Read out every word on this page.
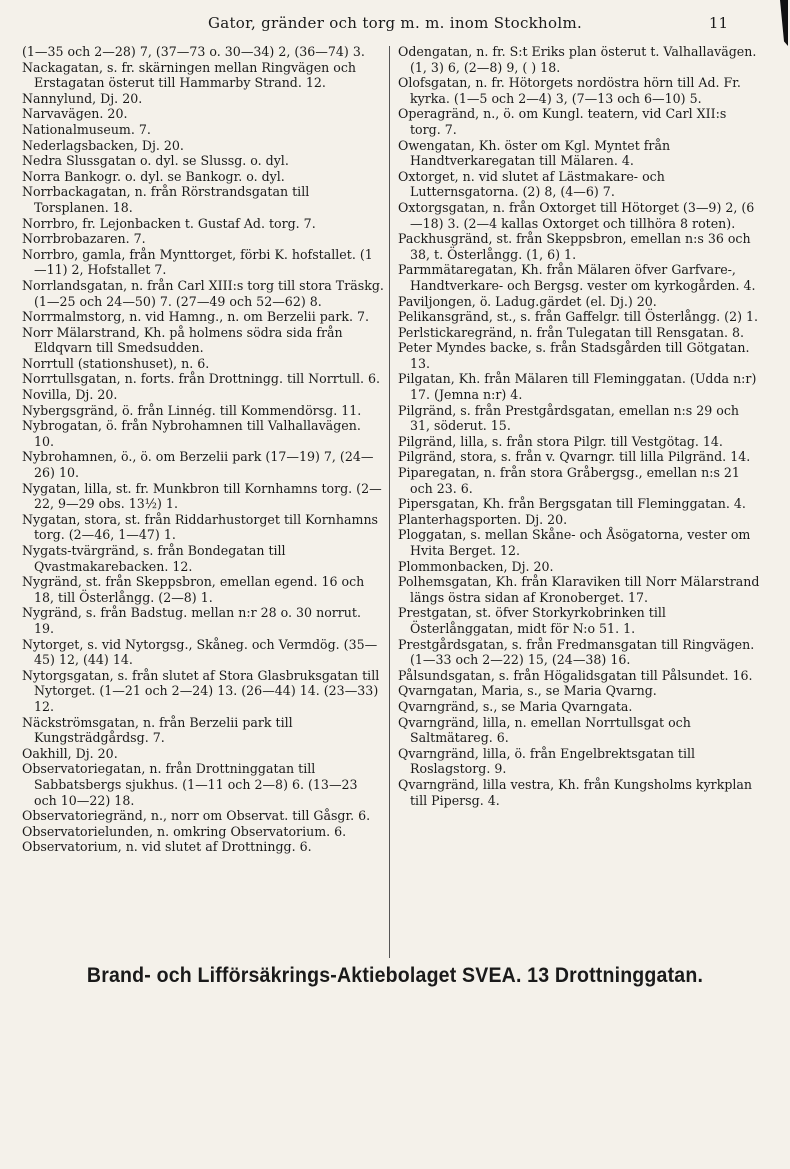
Gator, gränder och torg m. m. inom Stockholm.	11

(1—35 och 2—28) 7, (37—73 o. 30—34) 2, (36—74) 3.

Nackagatan, s. fr. skärningen mellan Ringvägen och Erstagatan österut till Hammarby Strand. 12.

Nannylund, Dj. 20.

Narvavägen. 20.

Nationalmuseum. 7.

Nederlagsbacken, Dj. 20.

Nedra Slussgatan o. dyl. se Slussg. o. dyl.

Norra Bankogr. o. dyl. se Bankogr. o. dyl.

Norrbackagatan, n. från Rörstrandsgatan till Torsplanen. 18.

Norrbro, fr. Lejonbacken t. Gustaf Ad. torg. 7.

Norrbrobazaren. 7.

Norrbro, gamla, från Mynttorget, förbi K. hofstallet. (1—11) 2, Hofstallet 7.

Norrlandsgatan, n. från Carl XIII:s torg till stora Träskg. (1—25 och 24—50) 7. (27—49 och 52—62) 8.

Norrmalmstorg, n. vid Hamng., n. om Berzelii park. 7.

Norr Mälarstrand, Kh. på holmens södra sida från Eldqvarn till Smedsudden.

Norrtull (stationshuset), n. 6.

Norrtullsgatan, n. forts. från Drottningg. till Norrtull. 6.

Novilla, Dj. 20.

Nybergsgränd, ö. från Linnég. till Kommendörsg. 11.

Nybrogatan, ö. från Nybrohamnen till Valhallavägen. 10.

Nybrohamnen, ö., ö. om Berzelii park (17—19) 7, (24—26) 10.

Nygatan, lilla, st. fr. Munkbron till Kornhamns torg. (2—22, 9—29 obs. 13½) 1.

Nygatan, stora, st. från Riddarhustorget till Kornhamns torg. (2—46, 1—47) 1.

Nygats-tvärgränd, s. från Bondegatan till Qvastmakarebacken. 12.

Nygränd, st. från Skeppsbron, emellan egend. 16 och 18, till Österlångg. (2—8) 1.

Nygränd, s. från Badstug. mellan n:r 28 o. 30 norrut. 19.

Nytorget, s. vid Nytorgsg., Skåneg. och Vermdög. (35—45) 12, (44) 14.

Nytorgsgatan, s. från slutet af Stora Glasbruksgatan till Nytorget. (1—21 och 2—24) 13. (26—44) 14. (23—33) 12.

Näckströmsgatan, n. från Berzelii park till Kungsträdgårdsg. 7.

Oakhill, Dj. 20.

Observatoriegatan, n. från Drottninggatan till Sabbatsbergs sjukhus. (1—11 och 2—8) 6. (13—23 och 10—22) 18.

Observatoriegränd, n., norr om Observat. till Gåsgr. 6.

Observatorielunden, n. omkring Observatorium. 6.

Observatorium, n. vid slutet af Drottningg. 6.

Odengatan, n. fr. S:t Eriks plan österut t. Valhallavägen. (1, 3) 6, (2—8) 9, ( ) 18.

Olofsgatan, n. fr. Hötorgets nordöstra hörn till Ad. Fr. kyrka. (1—5 och 2—4) 3, (7—13 och 6—10) 5.

Operagränd, n., ö. om Kungl. teatern, vid Carl XII:s torg. 7.

Owengatan, Kh. öster om Kgl. Myntet från Handtverkaregatan till Mälaren. 4.

Oxtorget, n. vid slutet af Lästmakare- och Lutternsgatorna. (2) 8, (4—6) 7.

Oxtorgsgatan, n. från Oxtorget till Hötorget (3—9) 2, (6—18) 3. (2—4 kallas Oxtorget och tillhöra 8 roten).

Packhusgränd, st. från Skeppsbron, emellan n:s 36 och 38, t. Österlångg. (1, 6) 1.

Parmmätaregatan, Kh. från Mälaren öfver Garfvare-, Handtverkare- och Bergsg. vester om kyrkogården. 4.

Paviljongen, ö. Ladug.gärdet (el. Dj.) 20.

Pelikansgränd, st., s. från Gaffelgr. till Österlångg. (2) 1.

Perlstickaregränd, n. från Tulegatan till Rensgatan. 8.

Peter Myndes backe, s. från Stadsgården till Götgatan. 13.

Pilgatan, Kh. från Mälaren till Fleminggatan. (Udda n:r) 17. (Jemna n:r) 4.

Pilgränd, s. från Prestgårdsgatan, emellan n:s 29 och 31, söderut. 15.

Pilgränd, lilla, s. från stora Pilgr. till Vestgötag. 14.

Pilgränd, stora, s. från v. Qvarngr. till lilla Pilgränd. 14.

Piparegatan, n. från stora Gråbergsg., emellan n:s 21 och 23. 6.

Pipersgatan, Kh. från Bergsgatan till Fleminggatan. 4.

Planterhagsporten. Dj. 20.

Ploggatan, s. mellan Skåne- och Åsögatorna, vester om Hvita Berget. 12.

Plommonbacken, Dj. 20.

Polhemsgatan, Kh. från Klaraviken till Norr Mälarstrand längs östra sidan af Kronoberget. 17.

Prestgatan, st. öfver Storkyrkobrinken till Österlånggatan, midt för N:o 51. 1.

Prestgårdsgatan, s. från Fredmansgatan till Ringvägen. (1—33 och 2—22) 15, (24—38) 16.

Pålsundsgatan, s. från Högalidsgatan till Pålsundet. 16.

Qvarngatan, Maria, s., se Maria Qvarng.

Qvarngränd, s., se Maria Qvarngata.

Qvarngränd, lilla, n. emellan Norrtullsgat och Saltmätareg. 6.

Qvarngränd, lilla, ö. från Engelbrektsgatan till Roslagstorg. 9.

Qvarngränd, lilla vestra, Kh. från Kungsholms kyrkplan till Pipersg. 4.

Brand- och Lifförsäkrings-Aktiebolaget SVEA. 13 Drottninggatan.
